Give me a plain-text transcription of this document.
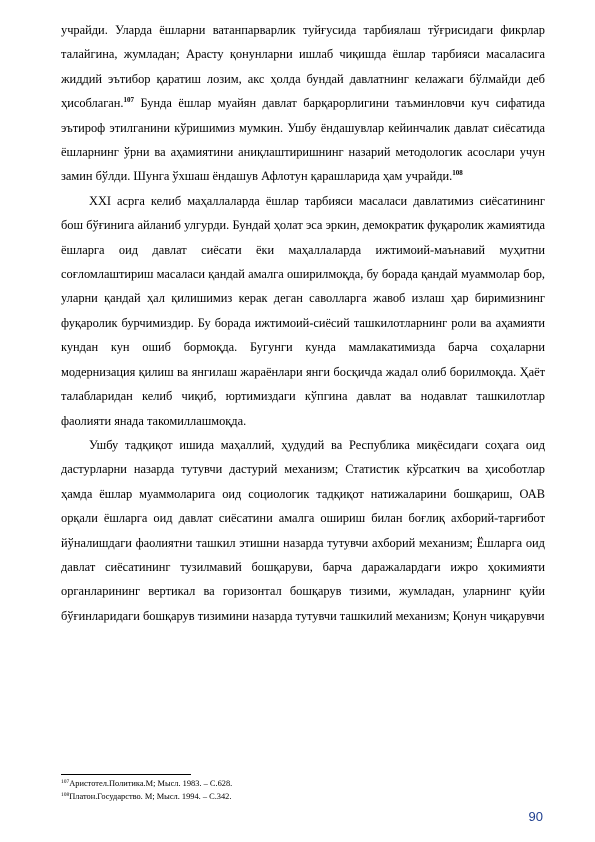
учрайди. Уларда ёшларни ватанпарварлик туйғусида тарбиялаш тўғрисидаги фикрлар талайгина, жумладан; Арасту қонунларни ишлаб чиқишда ёшлар тарбияси масаласига жиддий эътибор қаратиш лозим, акс ҳолда бундай давлатнинг келажаги бўлмайди деб ҳисоблаган.$^{107}$ Бунда ёшлар муайян давлат барқарорлигини таъминловчи куч сифатида эътироф этилганини кўришимиз мумкин. Ушбу ёндашувлар кейинчалик давлат сиёсатида ёшларнинг ўрни ва аҳамиятини аниқлаштиришнинг назарий методологик асослари учун замин бўлди. Шунга ўхшаш ёндашув Афлотун қарашларида ҳам учрайди.$^{108}$

XXI асрга келиб маҳаллаларда ёшлар тарбияси масаласи давлатимиз сиёсатининг бош бўғинига айланиб улгурди. Бундай ҳолат эса эркин, демократик фуқаролик жамиятида ёшларга оид давлат сиёсати ёки маҳаллаларда ижтимоий-маънавий муҳитни соғломлаштириш масаласи қандай амалга оширилмоқда, бу борада қандай муаммолар бор, уларни қандай ҳал қилишимиз керак деган саволларга жавоб излаш ҳар биримизнинг фуқаролик бурчимиздир. Бу борада ижтимоий-сиёсий ташкилотларнинг роли ва аҳамияти кундан кун ошиб бормоқда. Бугунги кунда мамлакатимизда барча соҳаларни модернизация қилиш ва янгилаш жараёнлари янги босқичда жадал олиб борилмоқда. Ҳаёт талабларидан келиб чиқиб, юртимиздаги кўпгина давлат ва нодавлат ташкилотлар фаолияти янада такомиллашмоқда.

Ушбу тадқиқот ишида маҳаллий, ҳудудий ва Республика миқёсидаги соҳага оид дастурларни назарда тутувчи дастурий механизм; Статистик кўрсаткич ва ҳисоботлар ҳамда ёшлар муаммоларига оид социологик тадқиқот натижаларини бошқариш, ОАВ орқали ёшларга оид давлат сиёсатини амалга ошириш билан боғлиқ ахборий-тарғибот йўналишдаги фаолиятни ташкил этишни назарда тутувчи ахборий механизм; Ёшларга оид давлат сиёсатининг тузилмавий бошқаруви, барча даражалардаги ижро ҳокимияти органларининг вертикал ва горизонтал бошқарув тизими, жумладан, уларнинг қуйи бўғинларидаги бошқарув тизимини назарда тутувчи ташкилий механизм; Қонун чиқарувчи

$^{107}$Аристотел.Политика.М; Мысл. 1983. – С.628.

$^{108}$Платон.Государство. М; Мысл. 1994. – С.342.

90
